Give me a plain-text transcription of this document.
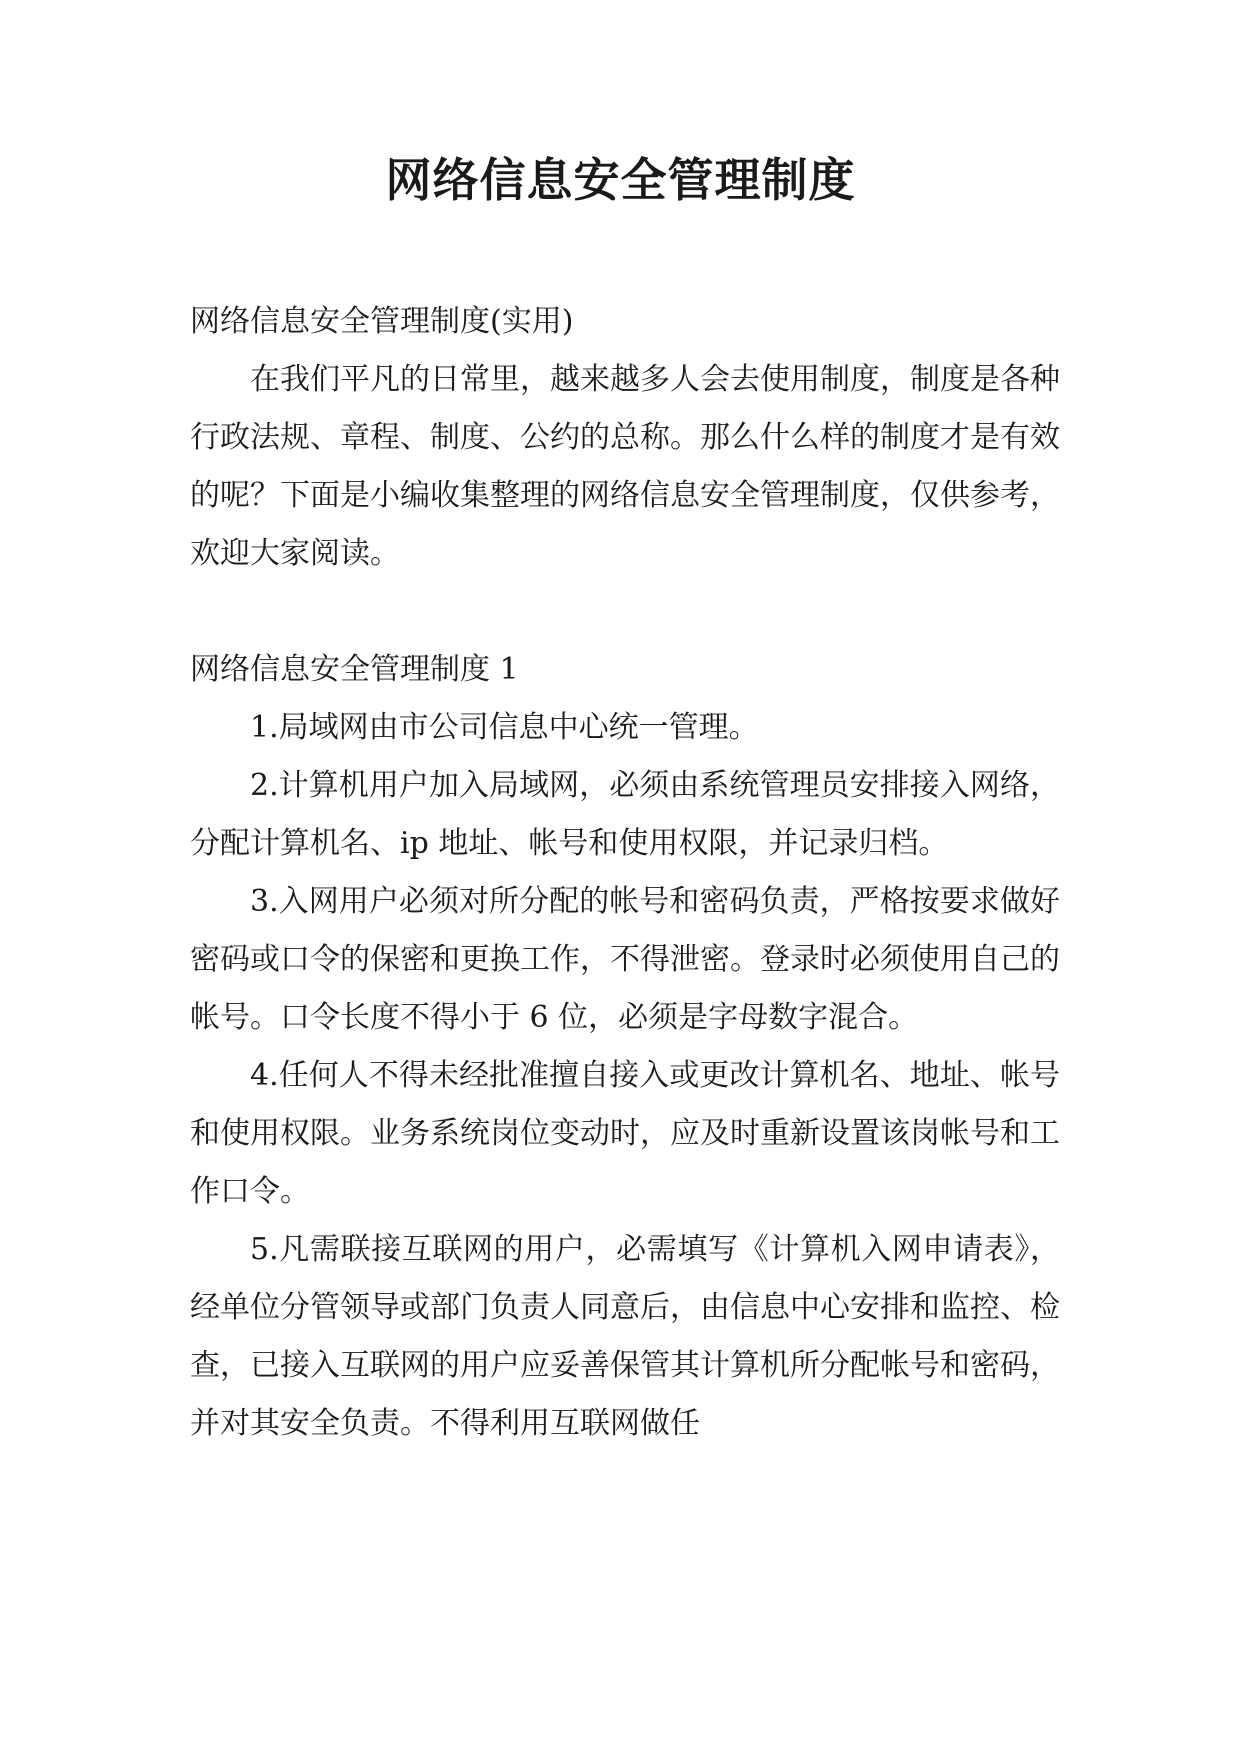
网络信息安全管理制度

网络信息安全管理制度(实用)

在我们平凡的日常里，越来越多人会去使用制度，制度是各种行政法规、章程、制度、公约的总称。那么什么样的制度才是有效的呢？下面是小编收集整理的网络信息安全管理制度，仅供参考，欢迎大家阅读。

网络信息安全管理制度 1

1.局域网由市公司信息中心统一管理。

2.计算机用户加入局域网，必须由系统管理员安排接入网络，分配计算机名、ip 地址、帐号和使用权限，并记录归档。

3.入网用户必须对所分配的帐号和密码负责，严格按要求做好密码或口令的保密和更换工作，不得泄密。登录时必须使用自己的帐号。口令长度不得小于 6 位，必须是字母数字混合。

4.任何人不得未经批准擅自接入或更改计算机名、地址、帐号和使用权限。业务系统岗位变动时，应及时重新设置该岗帐号和工作口令。

5.凡需联接互联网的用户，必需填写《计算机入网申请表》，经单位分管领导或部门负责人同意后，由信息中心安排和监控、检查，已接入互联网的用户应妥善保管其计算机所分配帐号和密码，并对其安全负责。不得利用互联网做任
